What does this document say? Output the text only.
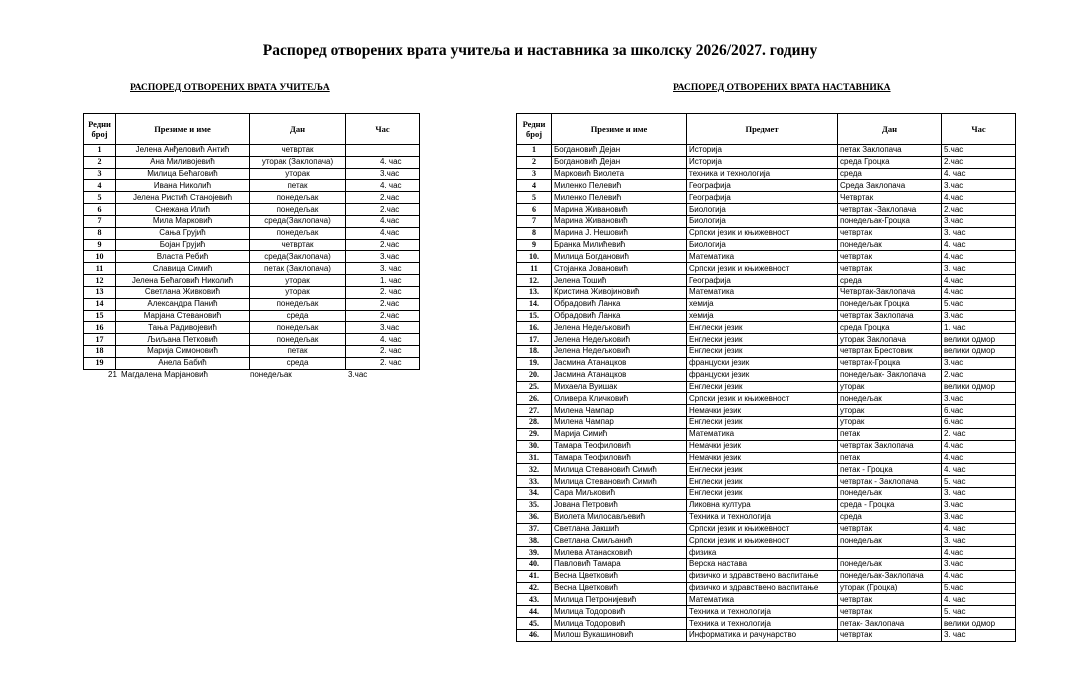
Распоред отворених врата учитеља и наставника за школску 2026/2027. годину
РАСПОРЕД ОТВОРЕНИХ ВРАТА УЧИТЕЉА	РАСПОРЕД ОТВОРЕНИХ ВРАТА НАСТАВНИКА
Редни број	Презиме и име	Дан	Час
1	Јелена Анђеловић Антић	четвртак	
2	Ана Миливојевић	уторак (Заклопача)	4. час
3	Милица Бећаговић	уторак	3.час
4	Ивана Николић	петак	4. час
5	Јелена Ристић Станојевић	понедељак	2.час
6	Снежана Илић	понедељак	2.час
7	Мила Марковић	среда(Заклопача)	4.час
8	Сања Грујић	понедељак	4.час
9	Бојан Грујић	четвртак	2.час
10	Власта Ребић	среда(Заклопача)	3.час
11	Славица Симић	петак (Заклопача)	3. час
12	Јелена Бећаговић Николић	уторак	1. час
13	Светлана Живковић	уторак	2. час
14	Александра Панић	понедељак	2.час
15	Марјана Стевановић	среда	2.час
16	Тања Радивојевић	понедељак	3.час
17	Љиљана Петковић	понедељак	4. час
18	Марија Симоновић	петак	2. час
19	Анела Бабић	среда	2. час
21 Магдалена Марјановић	понедељак	3.час
Редни број	Презиме и име	Предмет	Дан	Час
1	Богдановић Дејан	Историја	петак Заклопача	5.час
2	Богдановић Дејан	Историја	среда Гроцка	2.час
3	Марковић Виолета	техника и технологија	среда	4. час
4	Миленко Пелевић	Географија	Среда Заклопача	3.час
5	Миленко Пелевић	Географија	Четвртак	4.час
6	Марина Живановић	Биологија	четвртак -Заклопача	2.час
7	Марина Живановић	Биологија	понедељак-Гроцка	3.час
8	Марина Ј. Нешовић	Српски језик и књижевност	четвртак	3. час
9	Бранка Милићевић	Биологија	понедељак	4. час
10.	Милица Богдановић	Математика	четвртак	4.час
11	Стојанка Јовановић	Српски језик и књижевност	четвртак	3. час
12.	Јелена Тошић	Географија	среда	4.час
13.	Кристина Живојиновић	Математика	Четвртак-Заклопача	4.час
14.	Обрадовић Ланка	хемија	понедељак Гроцка	5.час
15.	Обрадовић Ланка	хемија	четвртак Заклопача	3.час
16.	Јелена Недељковић	Енглески језик	среда Гроцка	1. час
17.	Јелена Недељковић	Енглески језик	уторак Заклопача	велики одмор
18.	Јелена Недељковић	Енглески језик	четвртак Брестовик	велики одмор
19.	Јасмина Атанацков	француски језик	четвртак-Гроцка	3.час
20.	Јасмина Атанацков	француски језик	понедељак- Заклопача	2.час
25.	Михаела Вуишак	Енглески језик	уторак	велики одмор
26.	Оливера Кличковић	Српски језик и књижевност	понедељак	3.час
27.	Милена Чампар	Немачки језик	уторак	6.час
28.	Милена Чампар	Енглески језик	уторак	6.час
29.	Марија Симић	Математика	петак	2. час
30.	Тамара Теофиловић	Немачки језик	четвртак Заклопача	4.час
31.	Тамара Теофиловић	Немачки језик	петак	4.час
32.	Милица Стевановић Симић	Енглески језик	петак - Гроцка	4. час
33.	Милица Стевановић Симић	Енглески језик	четвртак - Заклопача	5. час
34.	Сара Миљковић	Енглески језик	понедељак	3. час
35.	Јована Петровић	Ликовна култура	среда - Гроцка	3.час
36.	Виолета Милосављевић	Техника и технологија	среда	3.час
37.	Светлана Јакшић	Српски језик и књижевност	четвртак	4. час
38.	Светлана Смиљанић	Српски језик и књижевност	понедељак	3. час
39.	Милева Атанасковић	физика		4.час
40.	Павловић Тамара	Верска настава	понедељак	3.час
41.	Весна Цветковић	физичко и здравствено васпитање	понедељак-Заклопача	4.час
42.	Весна Цветковић	физичко и здравствено васпитање	уторак (Гроцка)	5.час
43.	Милица Петронијевић	Математика	четвртак	4. час
44.	Милица Тодоровић	Техника и технологија	четвртак	5. час
45.	Милица Тодоровић	Техника и технологија	петак- Заклопача	велики одмор
46.	Милош Вукашиновић	Информатика и рачунарство	четвртак	3. час
